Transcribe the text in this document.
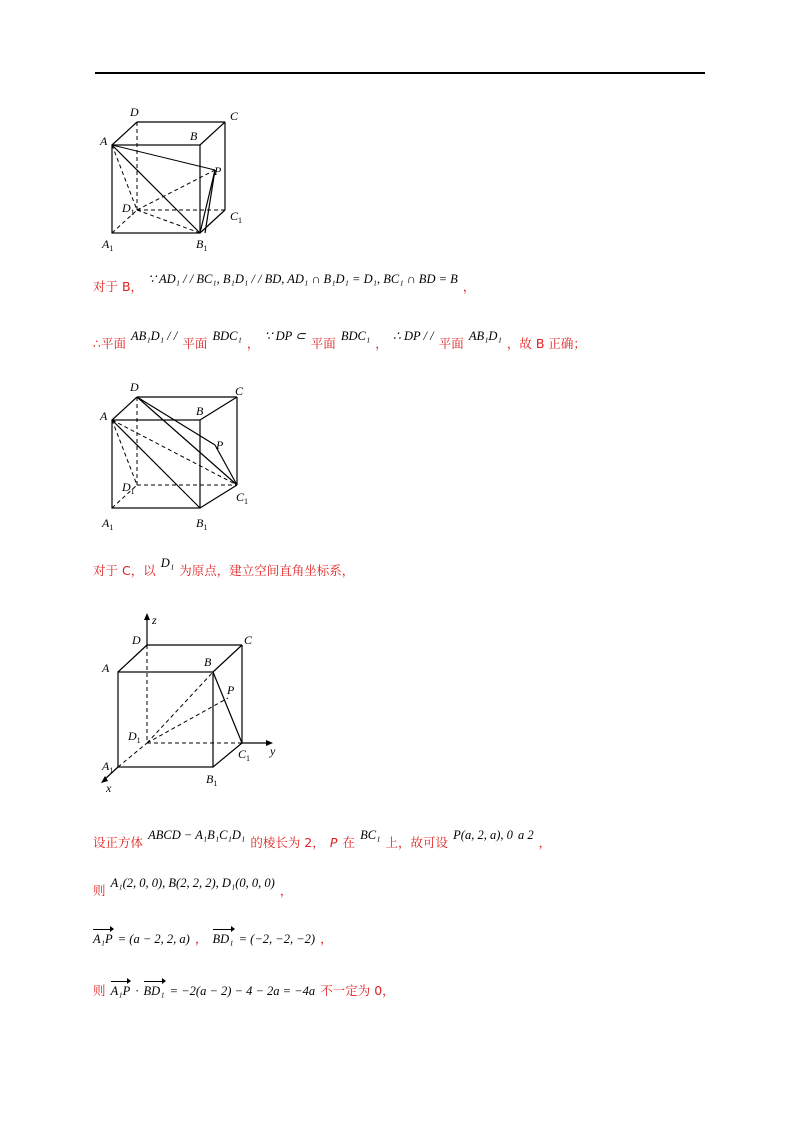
A
D	C
B
P
$D_1$	$C_1$
$A_1$	$B_1$
对于 B， $^{\because AD_1 / / BC_1, B_1D_1 / / BD, AD_1 \cap B_1D_1 = D_1, BC_1 \cap BD = B}$ ，
∴平面 $^{AB_1D_1 / /}$ 平面 $^{BDC_1}$ ， $^{\because DP \subset}$ 平面 $^{BDC_1}$ ， $^{\therefore DP / /}$ 平面 $^{AB_1D_1}$ ，故 B 正确；
A
D	C
B
P
$D_1$	$C_1$
$A_1$	$B_1$
对于 C，以 $^{D_1}$ 为原点，建立空间直角坐标系，
z
y
x
A
D	C
B
P
$D_1$
$C_1$
$A_1$
$B_1$
设正方体 $^{ABCD - A_1B_1C_1D_1}$ 的棱长为 2， P 在 $^{BC_1}$ 上，故可设 $^{P(a, 2, a), 0}$ $^{a 2}$ ，
则 $^{A_1(2, 0, 0), B(2, 2, 2), D_1(0, 0, 0)}$ ，
A₁P = (a − 2, 2, a) ， BD₁ = (−2, −2, −2) ，
则 A₁P · BD₁ = −2(a − 2) − 4 − 2a = −4a 不一定为 0，
